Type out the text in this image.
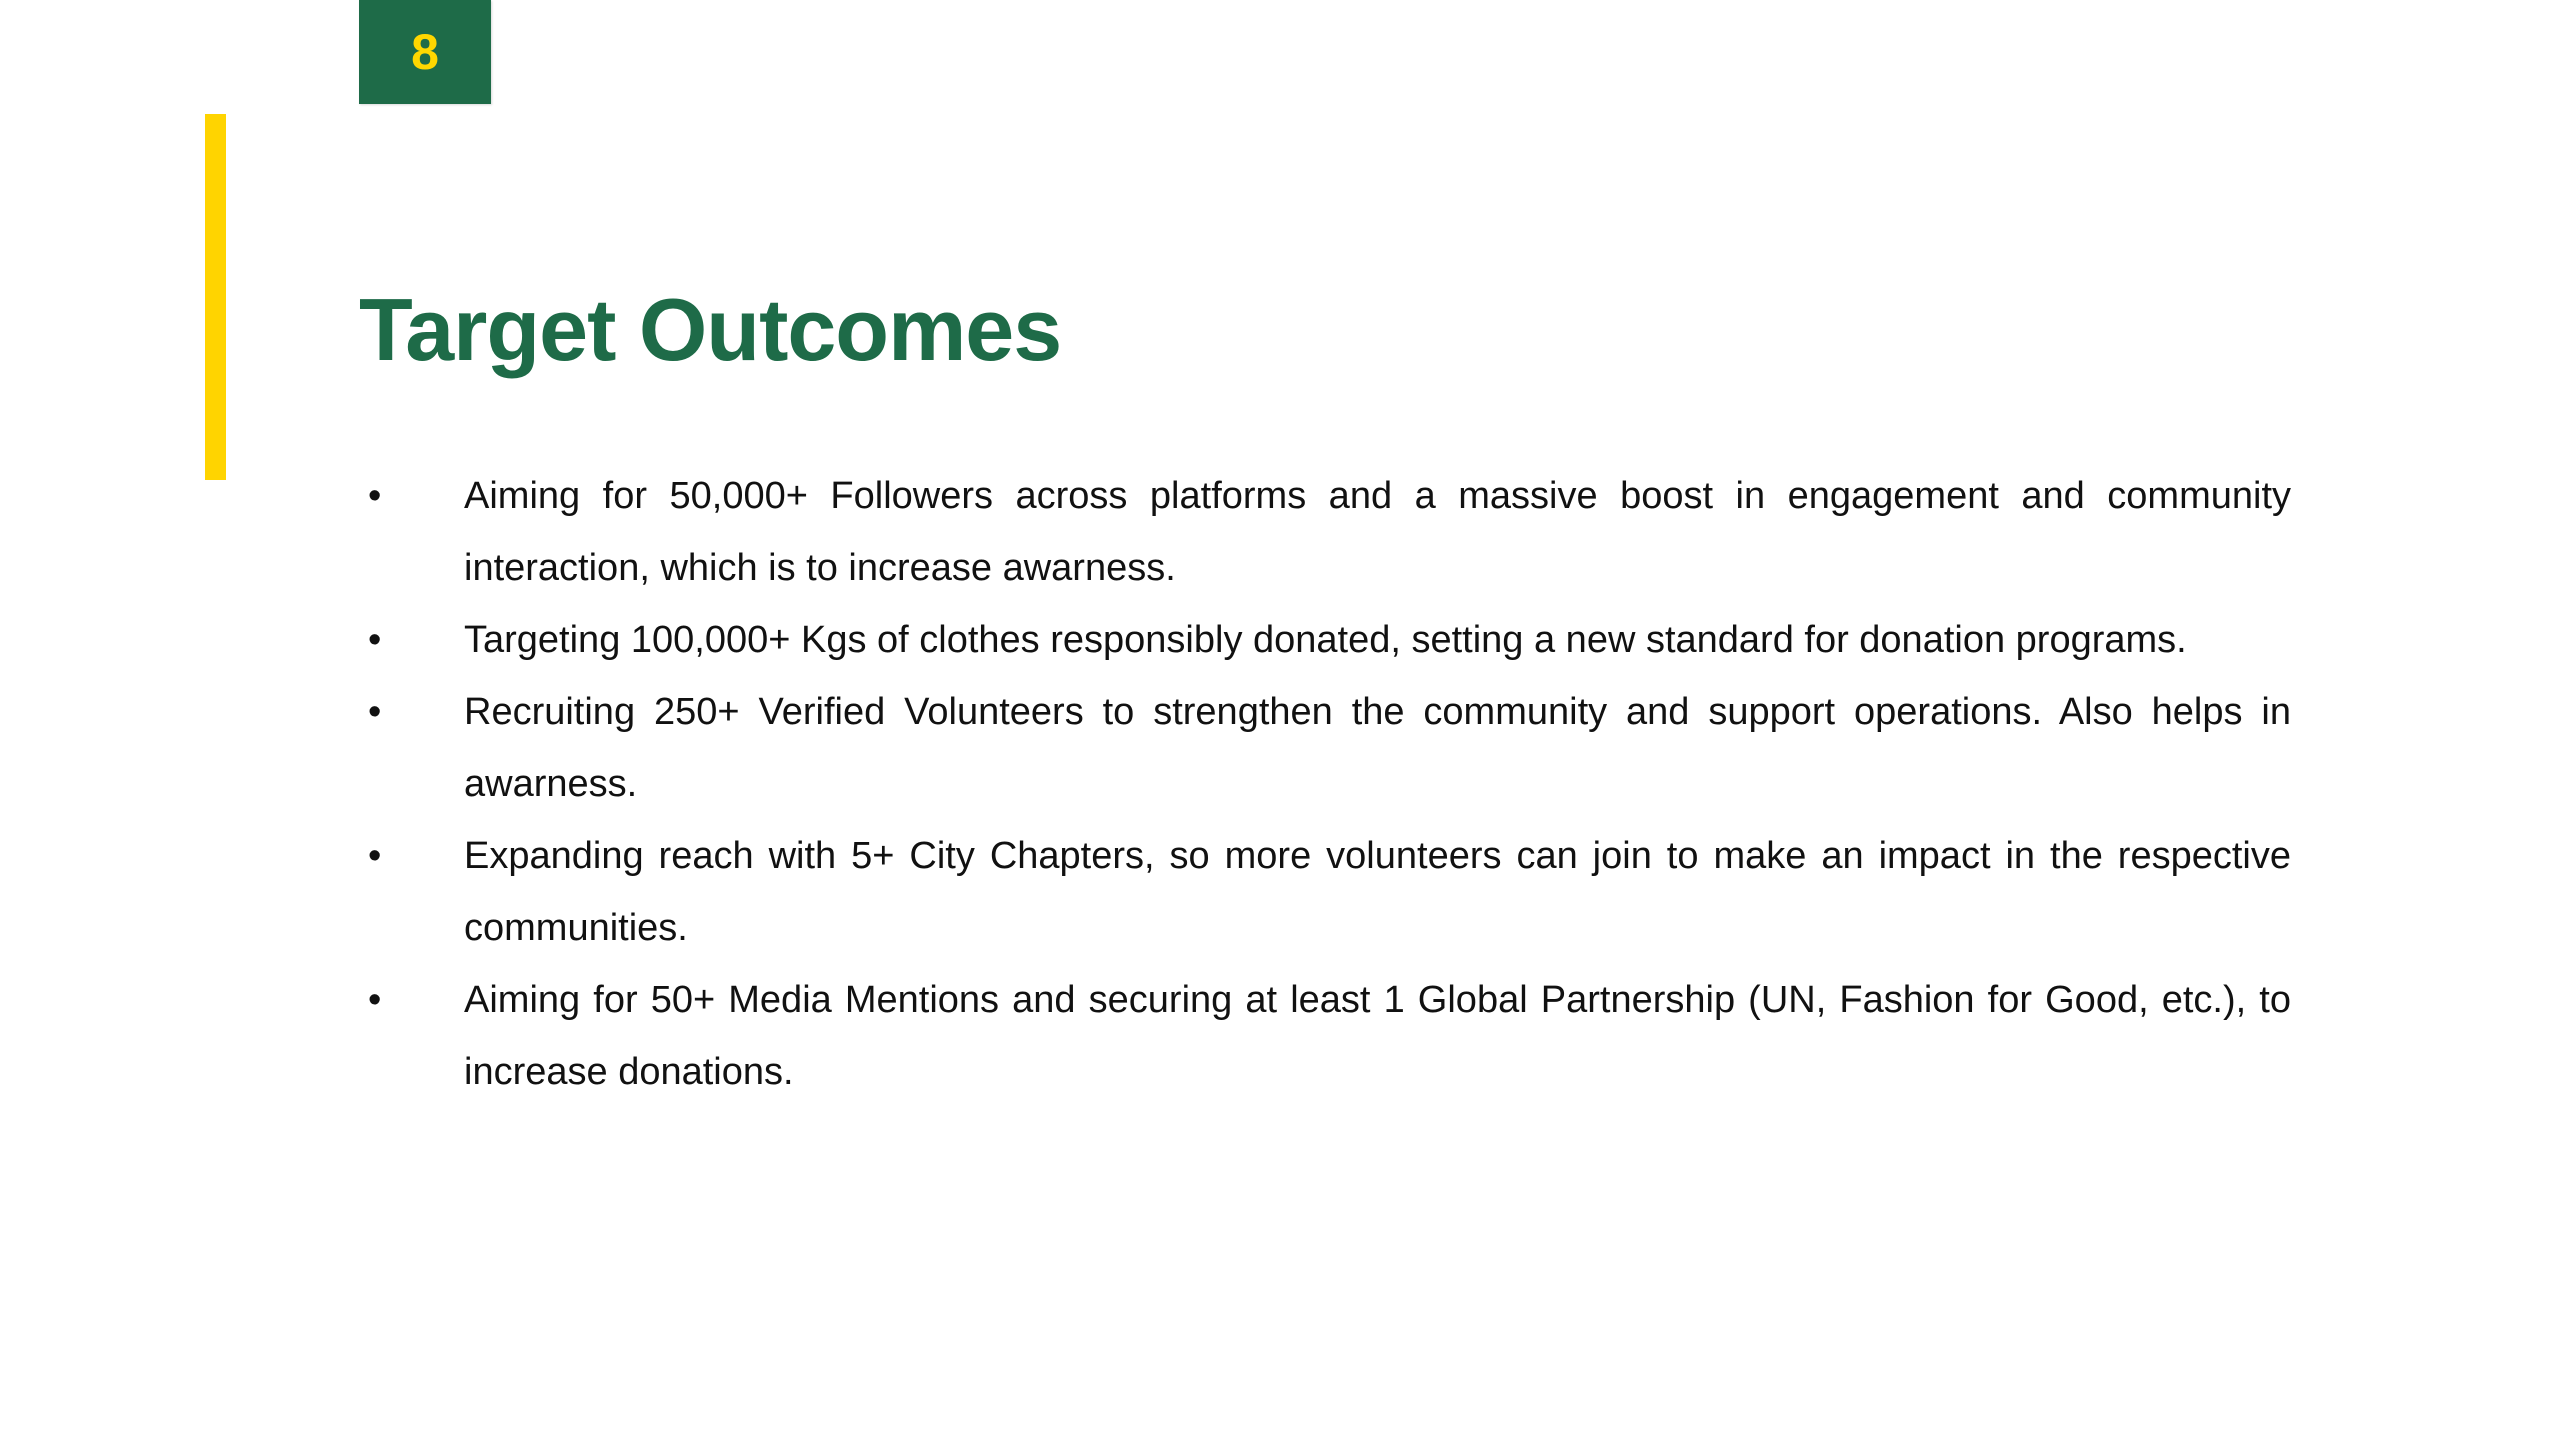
8
Target Outcomes
• Aiming for 50,000+ Followers across platforms and a massive boost in engagement and community interaction, which is to increase awarness.
• Targeting 100,000+ Kgs of clothes responsibly donated, setting a new standard for donation programs.
• Recruiting 250+ Verified Volunteers to strengthen the community and support operations. Also helps in awarness.
• Expanding reach with 5+ City Chapters, so more volunteers can join to make an impact in the respective communities.
• Aiming for 50+ Media Mentions and securing at least 1 Global Partnership (UN, Fashion for Good, etc.), to increase donations.
